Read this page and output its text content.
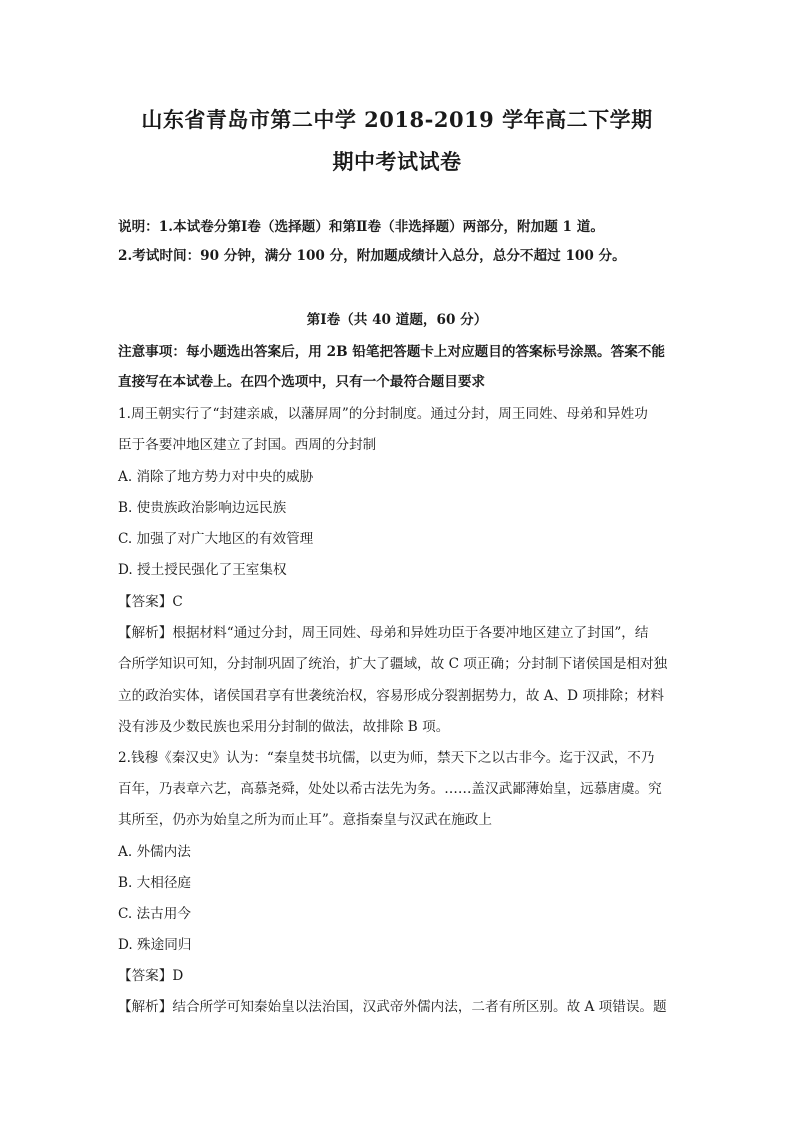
山东省青岛市第二中学 2018-2019 学年高二下学期
期中考试试卷
说明：1.本试卷分第Ⅰ卷（选择题）和第Ⅱ卷（非选择题）两部分，附加题 1 道。
2.考试时间：90 分钟，满分 100 分，附加题成绩计入总分，总分不超过 100 分。
第Ⅰ卷（共 40 道题，60 分）
注意事项：每小题选出答案后，用 2B 铅笔把答题卡上对应题目的答案标号涂黑。答案不能
直接写在本试卷上。在四个选项中，只有一个最符合题目要求
1.周王朝实行了“封建亲戚，以藩屏周”的分封制度。通过分封，周王同姓、母弟和异姓功
臣于各要冲地区建立了封国。西周的分封制
A. 消除了地方势力对中央的威胁
B. 使贵族政治影响边远民族
C. 加强了对广大地区的有效管理
D. 授土授民强化了王室集权
【答案】C
【解析】根据材料“通过分封，周王同姓、母弟和异姓功臣于各要冲地区建立了封国”，结
合所学知识可知，分封制巩固了统治，扩大了疆域，故 C 项正确；分封制下诸侯国是相对独
立的政治实体，诸侯国君享有世袭统治权，容易形成分裂割据势力，故 A、D 项排除；材料
没有涉及少数民族也采用分封制的做法，故排除 B 项。
2.钱穆《秦汉史》认为：“秦皇焚书坑儒，以吏为师，禁天下之以古非今。迄于汉武，不乃
百年，乃表章六艺，高慕尧舜，处处以希古法先为务。……盖汉武鄙薄始皇，远慕唐虞。究
其所至，仍亦为始皇之所为而止耳”。意指秦皇与汉武在施政上
A. 外儒内法
B. 大相径庭
C. 法古用今
D. 殊途同归
【答案】D
【解析】结合所学可知秦始皇以法治国，汉武帝外儒内法，二者有所区别。故 A 项错误。题
